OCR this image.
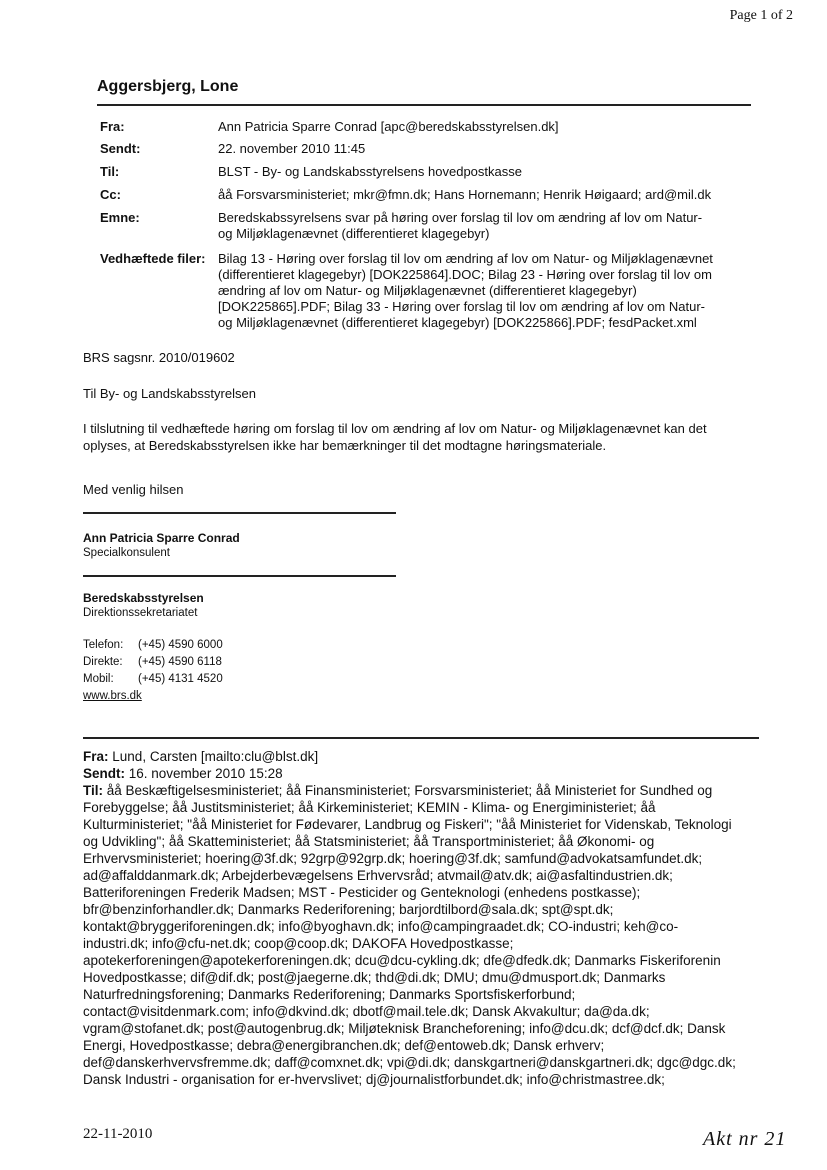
Page 1 of 2
Aggersbjerg, Lone
Fra:	Ann Patricia Sparre Conrad [apc@beredskabsstyrelsen.dk]
Sendt:	22. november 2010 11:45
Til:	BLST - By- og Landskabsstyrelsens hovedpostkasse
Cc:	åå Forsvarsministeriet; mkr@fmn.dk; Hans Hornemann; Henrik Høigaard; ard@mil.dk
Emne:	Beredskabssyrelsens svar på høring over forslag til lov om ændring af lov om Natur-
og Miljøklagenævnet (differentieret klagegebyr)
Vedhæftede filer: Bilag 13 - Høring over forslag til lov om ændring af lov om Natur- og Miljøklagenævnet
(differentieret klagegebyr) [DOK225864].DOC; Bilag 23 - Høring over forslag til lov om
ændring af lov om Natur- og Miljøklagenævnet (differentieret klagegebyr)
[DOK225865].PDF; Bilag 33 - Høring over forslag til lov om ændring af lov om Natur-
og Miljøklagenævnet (differentieret klagegebyr) [DOK225866].PDF; fesdPacket.xml
BRS sagsnr. 2010/019602
Til By- og Landskabsstyrelsen
I tilslutning til vedhæftede høring om forslag til lov om ændring af lov om Natur- og Miljøklagenævnet kan det
oplyses, at Beredskabsstyrelsen ikke har bemærkninger til det modtagne høringsmateriale.
Med venlig hilsen
Ann Patricia Sparre Conrad
Specialkonsulent
Beredskabsstyrelsen
Direktionssekretariatet
Telefon: (+45) 4590 6000
Direkte: (+45) 4590 6118
Mobil: (+45) 4131 4520
www.brs.dk
Fra: Lund, Carsten [mailto:clu@blst.dk]
Sendt: 16. november 2010 15:28
Til: åå Beskæftigelsesministeriet; åå Finansministeriet; Forsvarsministeriet; åå Ministeriet for Sundhed og
Forebyggelse; åå Justitsministeriet; åå Kirkeministeriet; KEMIN - Klima- og Energiministeriet; åå
Kulturministeriet; "åå Ministeriet for Fødevarer, Landbrug og Fiskeri"; "åå Ministeriet for Videnskab, Teknologi
og Udvikling"; åå Skatteministeriet; åå Statsministeriet; åå Transportministeriet; åå Økonomi- og
Erhvervsministeriet; hoering@3f.dk; 92grp@92grp.dk; hoering@3f.dk; samfund@advokatsamfundet.dk;
ad@affalddanmark.dk; Arbejderbevægelsens Erhvervsråd; atvmail@atv.dk; ai@asfaltindustrien.dk;
Batteriforeningen Frederik Madsen; MST - Pesticider og Genteknologi (enhedens postkasse);
bfr@benzinforhandler.dk; Danmarks Rederiforening; barjordtilbord@sala.dk; spt@spt.dk;
kontakt@bryggeriforeningen.dk; info@byoghavn.dk; info@campingraadet.dk; CO-industri; keh@co-
industri.dk; info@cfu-net.dk; coop@coop.dk; DAKOFA Hovedpostkasse;
apotekerforeningen@apotekerforeningen.dk; dcu@dcu-cykling.dk; dfe@dfedk.dk; Danmarks Fiskeriforenin
Hovedpostkasse; dif@dif.dk; post@jaegerne.dk; thd@di.dk; DMU; dmu@dmusport.dk; Danmarks
Naturfredningsforening; Danmarks Rederiforening; Danmarks Sportsfiskerforbund;
contact@visitdenmark.com; info@dkvind.dk; dbotf@mail.tele.dk; Dansk Akvakultur; da@da.dk;
vgram@stofanet.dk; post@autogenbrug.dk; Miljøteknisk Brancheforening; info@dcu.dk; dcf@dcf.dk; Dansk
Energi, Hovedpostkasse; debra@energibranchen.dk; def@entoweb.dk; Dansk erhverv;
def@danskerhvervsfremme.dk; daff@comxnet.dk; vpi@di.dk; danskgartneri@danskgartneri.dk; dgc@dgc.dk;
Dansk Industri - organisation for er-hvervslivet; dj@journalistforbundet.dk; info@christmastree.dk;
22-11-2010	Akt nr 21
